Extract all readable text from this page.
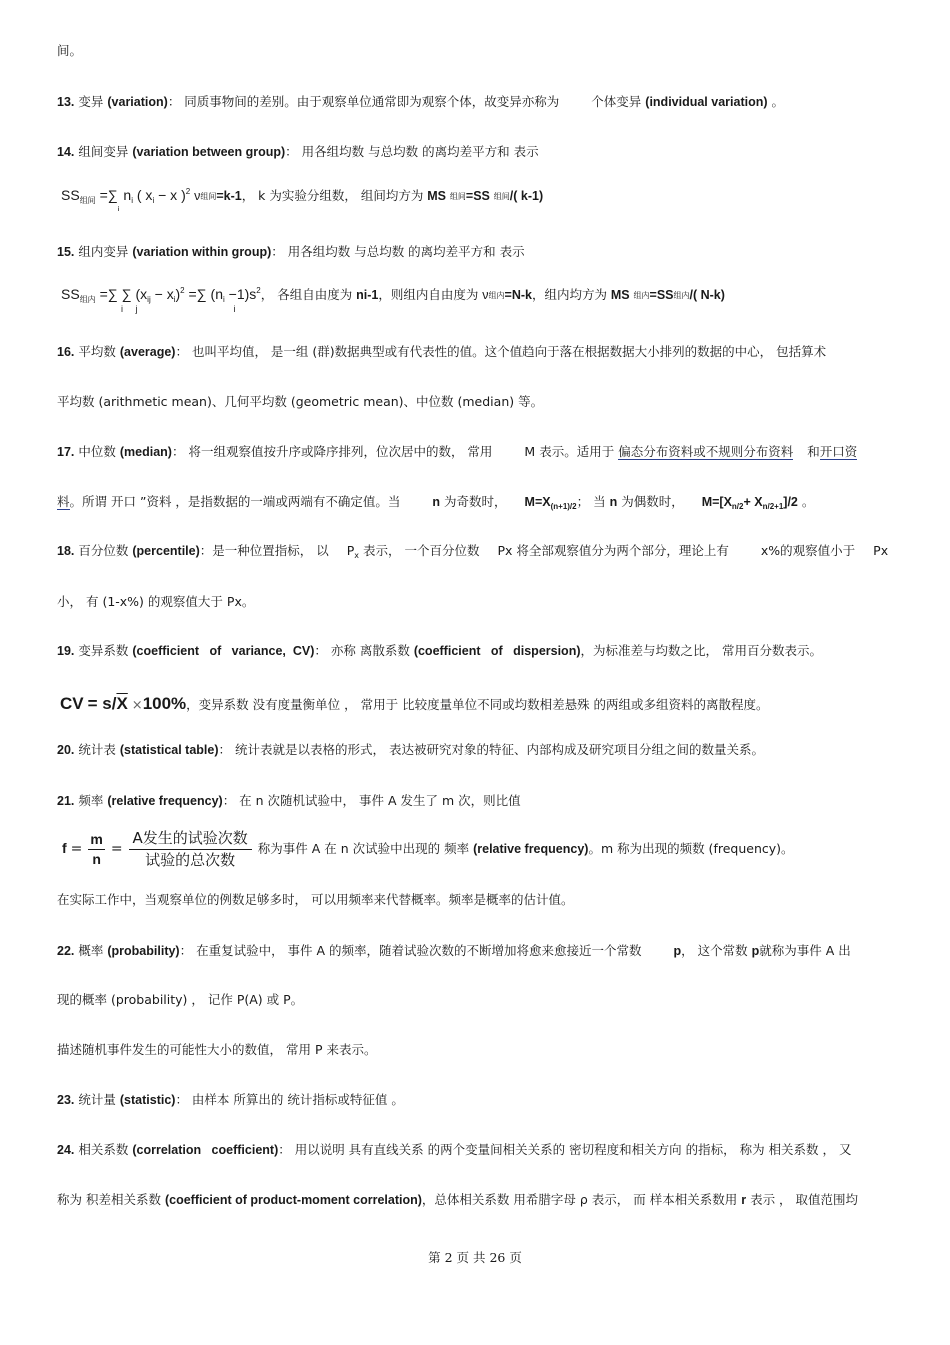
间。
13. 变异 (variation)： 同质事物间的差别。由于观察单位通常即为观察个体，故变异亦称为	个体变异 (individual variation) 。
14. 组间变异 (variation between group)： 用各组均数 与总均数 的离均差平方和 表示
$SS_{组间} =\sum_i$ $n_i$ ( $x_i - x$ )$^2$ ν组间=k-1， k 为实验分组数， 组间均方为 MS 组间=SS 组间/( k-1)
15. 组内变异 (variation within group)： 用各组均数 与总均数 的离均差平方和 表示
$SS_{组内}$ =∑ ∑ $(x_{ij} - x_i)^2$ =∑ $(n_i -1)s^2$， 各组自由度为 ni-1，则组内自由度为 ν组内=N-k，组内均方为 MS 组内=SS组内/( N-k)
i     j	i
16. 平均数 (average)： 也叫平均值， 是一组 (群)数据典型或有代表性的值。这个值趋向于落在根据数据大小排列的数据的中心， 包括算术
平均数 (arithmetic mean)、几何平均数 (geometric mean)、中位数 (median) 等。
17. 中位数 (median)： 将一组观察值按升序或降序排列，位次居中的数， 常用	M 表示。适用于 偏态分布资料或不规则分布资料 和开口资
料。所谓 开口 ”资料 ，是指数据的一端或两端有不确定值。当	n 为奇数时， $M=X_{(n+1)/2}$； 当 n 为偶数时， $M=[X_{n/2}+ X_{n/2+1}]/2$ 。
18. 百分位数 (percentile)：是一种位置指标， 以 $P_x$ 表示， 一个百分位数 Px 将全部观察值分为两个部分，理论上有	x%的观察值小于 Px
小， 有 (1-x%) 的观察值大于 Px。
19. 变异系数 (coefficient   of   variance,  CV)： 亦称 离散系数 (coefficient   of   dispersion)，为标准差与均数之比， 常用百分数表示。
CV = $s/\overline{X} \times 100\%$，变异系数 没有度量衡单位 ， 常用于 比较度量单位不同或均数相差悬殊 的两组或多组资料的离散程度。
20. 统计表 (statistical table)： 统计表就是以表格的形式， 表达被研究对象的特征、内部构成及研究项目分组之间的数量关系。
21. 频率 (relative frequency)： 在 n 次随机试验中， 事件 A 发生了 m 次，则比值
$f = \frac{m}{n} = \frac{\text{A发生的试验次数}}{\text{试验的总次数}}$ 称为事件 A 在 n 次试验中出现的 频率 (relative frequency)。m 称为出现的频数 (frequency)。
在实际工作中，当观察单位的例数足够多时， 可以用频率来代替概率。频率是概率的估计值。
22. 概率 (probability)： 在重复试验中， 事件 A 的频率，随着试验次数的不断增加将愈来愈接近一个常数	p， 这个常数 p就称为事件 A 出
现的概率 (probability) ， 记作 P(A) 或 P。
描述随机事件发生的可能性大小的数值， 常用 P 来表示。
23. 统计量 (statistic)： 由样本 所算出的 统计指标或特征值 。
24. 相关系数 (correlation   coefficient)： 用以说明 具有直线关系 的两个变量间相关关系的 密切程度和相关方向 的指标， 称为 相关系数 ， 又
称为 积差相关系数 (coefficient of product-moment correlation)，总体相关系数 用希腊字母 ρ 表示， 而 样本相关系数用 r 表示 ， 取值范围均
第 2 页 共 26 页
